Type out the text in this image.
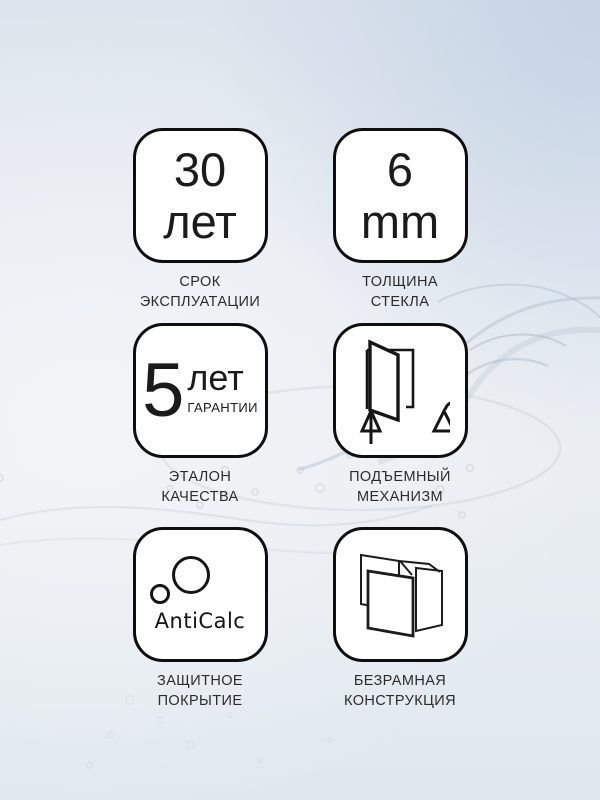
30
лет
СРОК
ЭКСПЛУАТАЦИИ
6
mm
ТОЛЩИНА
СТЕКЛА
5 лет
ГАРАНТИИ
ЭТАЛОН
КАЧЕСТВА
ПОДЪЕМНЫЙ
МЕХАНИЗМ
AntiCalc
ЗАЩИТНОЕ
ПОКРЫТИЕ
БЕЗРАМНАЯ
КОНСТРУКЦИЯ
